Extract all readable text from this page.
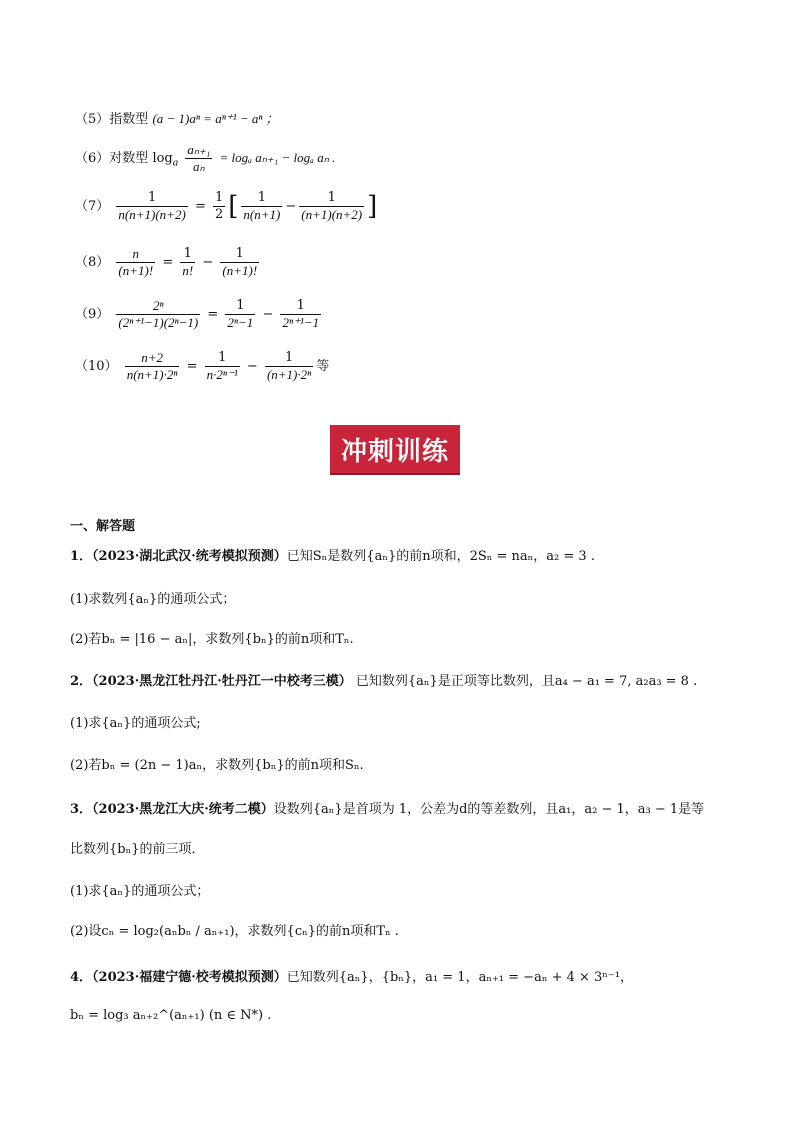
（5）指数型 (a − 1)aⁿ = aⁿ⁺¹ − aⁿ ；
（6）对数型 $\log_a \frac{\text{aₙ₊₁}}{\text{aₙ}} = \log_a$ aₙ₊₁ − logₐ aₙ .
$(7) \frac{1}{n(n+1)(n+2)} = \frac{1}{2}$ [ $\frac{1}{n(n+1)} - \frac{1}{(n+1)(n+2)}$ ]
$(8) \frac{n}{(n+1)!} = \frac{1}{n!} - \frac{1}{(n+1)!}$
$(9) \frac{\text{2ⁿ}}{\text{(2ⁿ⁺¹−1)(2ⁿ−1)}} = \frac{1}{\text{2ⁿ−1}} - \frac{1}{\text{2ⁿ⁺¹−1}}$
$(10) \frac{n+2}{\text{n(n+1)·2ⁿ}} = \frac{1}{\text{n·2ⁿ⁻¹}} - \frac{1}{\text{(n+1)·2ⁿ}}$ 等
冲刺训练
一、解答题
1．（2023·湖北武汉·统考模拟预测）已知Sₙ是数列{aₙ}的前n项和，2Sₙ = naₙ，a₂ = 3 .
(1)求数列{aₙ}的通项公式；
(2)若bₙ = |16 − aₙ|，求数列{bₙ}的前n项和Tₙ.
2．（2023·黑龙江牡丹江·牡丹江一中校考三模） 已知数列{aₙ}是正项等比数列，且a₄ − a₁ = 7, a₂a₃ = 8 .
(1)求{aₙ}的通项公式;
(2)若bₙ = (2n − 1)aₙ，求数列{bₙ}的前n项和Sₙ.
3．（2023·黑龙江大庆·统考二模）设数列{aₙ}是首项为 1，公差为d的等差数列，且a₁，a₂ − 1，a₃ − 1是等
比数列{bₙ}的前三项．
(1)求{aₙ}的通项公式；
(2)设cₙ = log₂(aₙbₙ / aₙ₊₁)，求数列{cₙ}的前n项和Tₙ .
4．（2023·福建宁德·校考模拟预测）已知数列{aₙ}，{bₙ}，a₁ = 1，aₙ₊₁ = −aₙ + 4 × 3ⁿ⁻¹，
bₙ = log₃ aₙ₊₂^(aₙ₊₁) (n ∈ N*) .
